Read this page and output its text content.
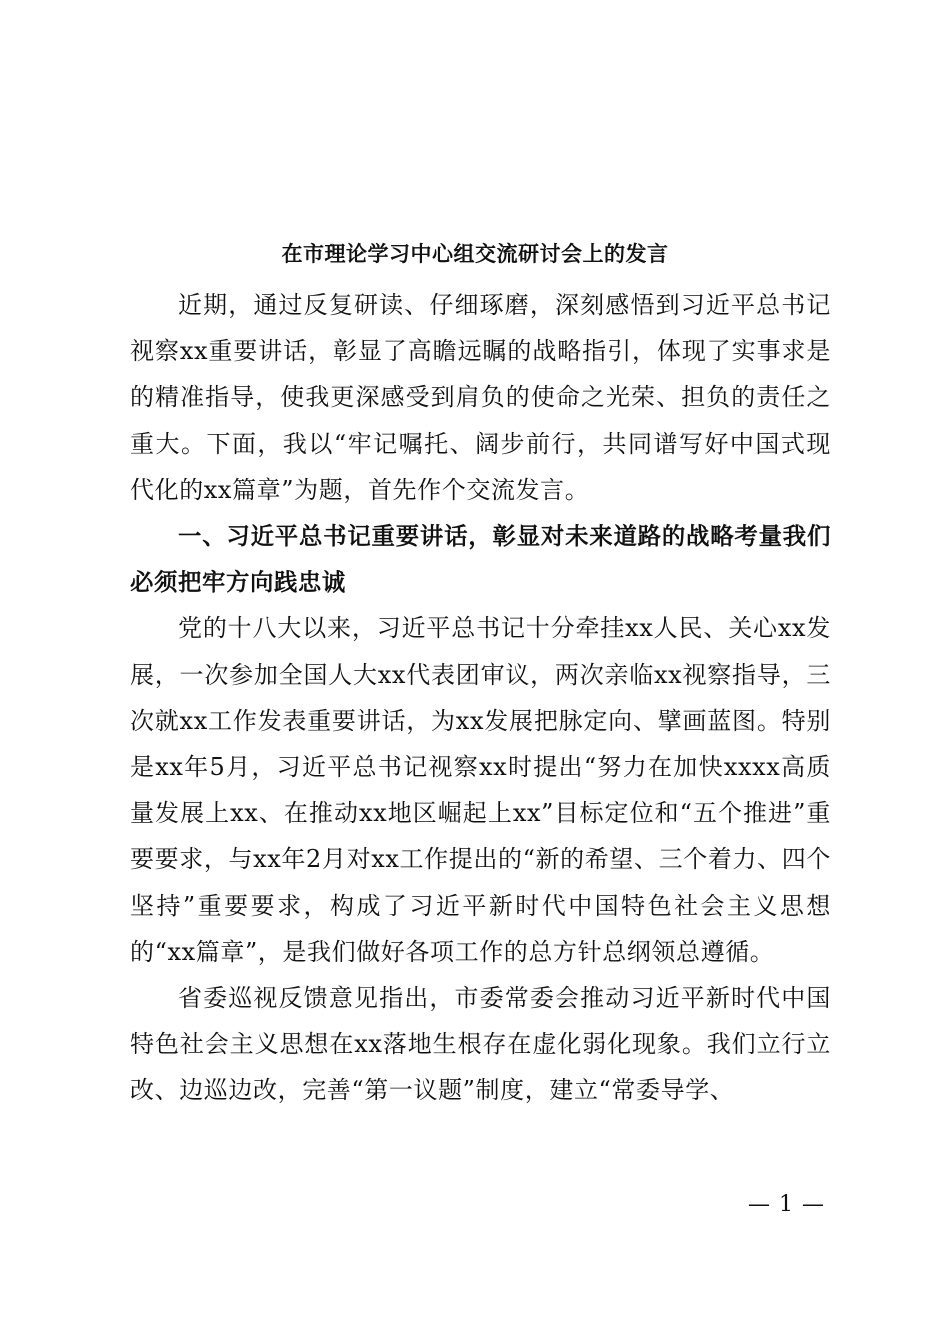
在市理论学习中心组交流研讨会上的发言

近期，通过反复研读、仔细琢磨，深刻感悟到习近平总书记视察xx重要讲话，彰显了高瞻远瞩的战略指引，体现了实事求是的精准指导，使我更深感受到肩负的使命之光荣、担负的责任之重大。下面，我以“牢记嘱托、阔步前行，共同谱写好中国式现代化的xx篇章”为题，首先作个交流发言。

一、习近平总书记重要讲话，彰显对未来道路的战略考量我们必须把牢方向践忠诚

党的十八大以来，习近平总书记十分牵挂xx人民、关心xx发展，一次参加全国人大xx代表团审议，两次亲临xx视察指导，三次就xx工作发表重要讲话，为xx发展把脉定向、擘画蓝图。特别是xx年5月，习近平总书记视察xx时提出“努力在加快xxxx高质量发展上xx、在推动xx地区崛起上xx”目标定位和“五个推进”重要要求，与xx年2月对xx工作提出的“新的希望、三个着力、四个坚持”重要要求，构成了习近平新时代中国特色社会主义思想的“xx篇章”，是我们做好各项工作的总方针总纲领总遵循。

省委巡视反馈意见指出，市委常委会推动习近平新时代中国特色社会主义思想在xx落地生根存在虚化弱化现象。我们立行立改、边巡边改，完善“第一议题”制度，建立“常委导学、

— 1 —
